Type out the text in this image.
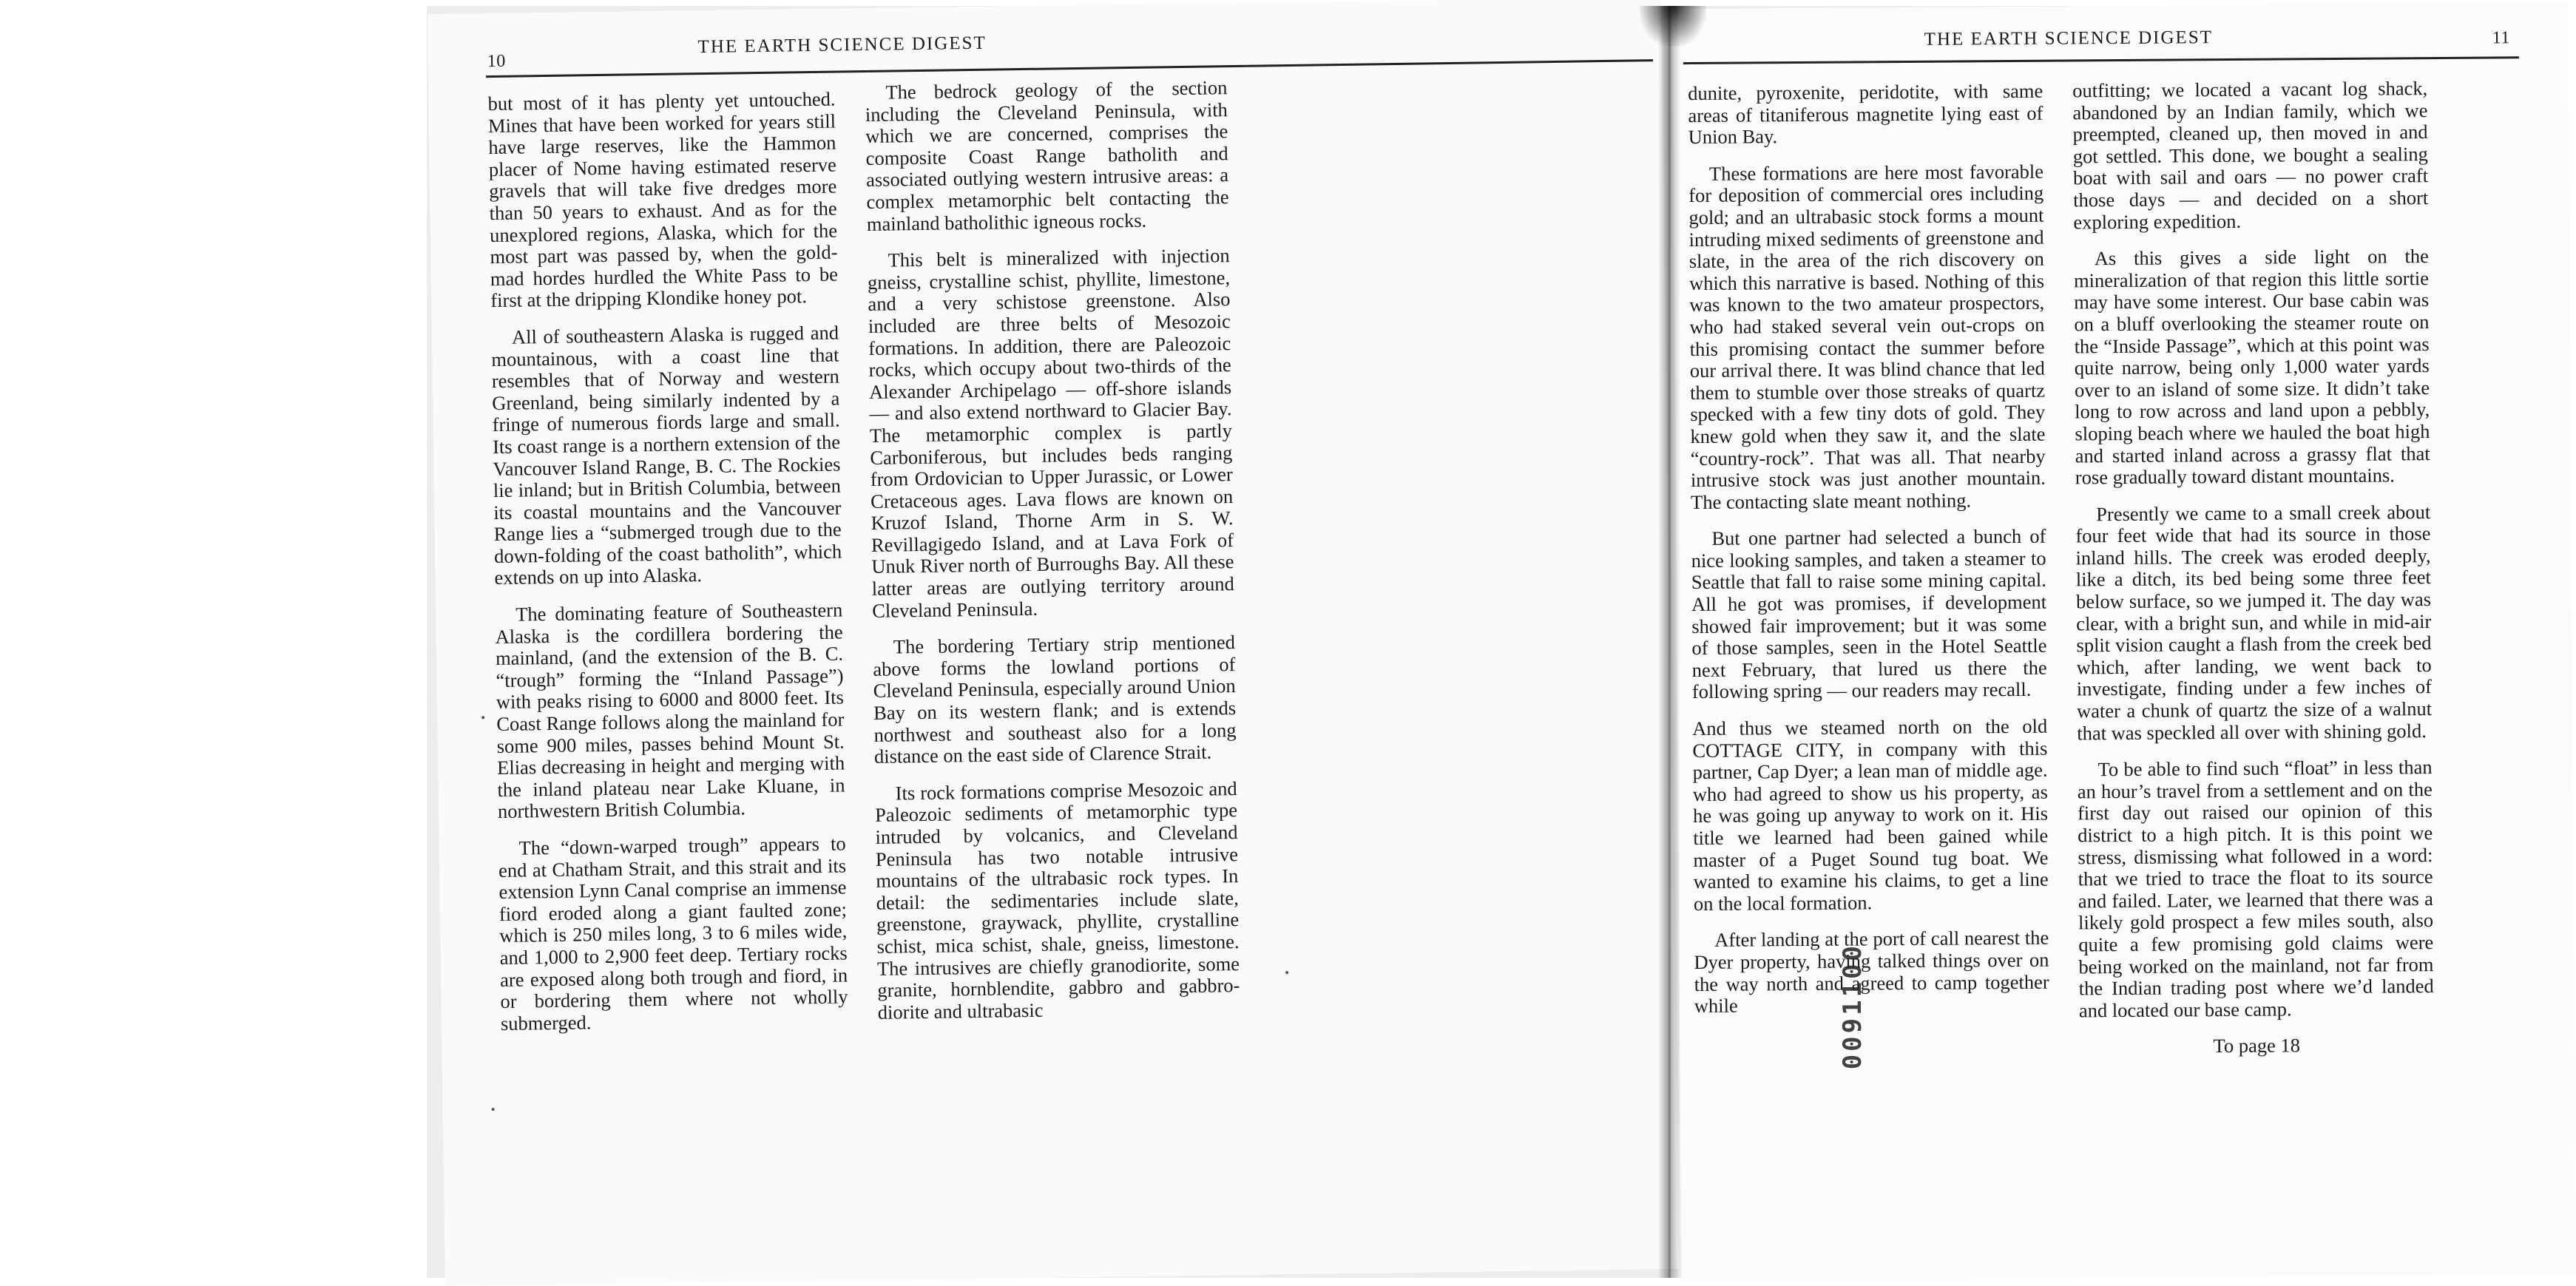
10
THE EARTH SCIENCE DIGEST

but most of it has plenty yet untouched. Mines that have been worked for years still have large reserves, like the Hammon placer of Nome having estimated reserve gravels that will take five dredges more than 50 years to exhaust. And as for the unexplored regions, Alaska, which for the most part was passed by, when the gold-mad hordes hurdled the White Pass to be first at the dripping Klondike honey pot.

All of southeastern Alaska is rugged and mountainous, with a coast line that resembles that of Norway and western Greenland, being similarly indented by a fringe of numerous fiords large and small. Its coast range is a northern extension of the Vancouver Island Range, B. C. The Rockies lie inland; but in British Columbia, between its coastal mountains and the Vancouver Range lies a “submerged trough due to the down-folding of the coast batholith”, which extends on up into Alaska.

The dominating feature of Southeastern Alaska is the cordillera bordering the mainland, (and the extension of the B. C. “trough” forming the “Inland Passage”) with peaks rising to 6000 and 8000 feet. Its Coast Range follows along the mainland for some 900 miles, passes behind Mount St. Elias decreasing in height and merging with the inland plateau near Lake Kluane, in northwestern British Columbia.

The “down-warped trough” appears to end at Chatham Strait, and this strait and its extension Lynn Canal comprise an immense fiord eroded along a giant faulted zone; which is 250 miles long, 3 to 6 miles wide, and 1,000 to 2,900 feet deep. Tertiary rocks are exposed along both trough and fiord, in or bordering them where not wholly submerged.

The bedrock geology of the section including the Cleveland Peninsula, with which we are concerned, comprises the composite Coast Range batholith and associated outlying western intrusive areas: a complex metamorphic belt contacting the mainland batholithic igneous rocks.

This belt is mineralized with injection gneiss, crystalline schist, phyllite, limestone, and a very schistose greenstone. Also included are three belts of Mesozoic formations. In addition, there are Paleozoic rocks, which occupy about two-thirds of the Alexander Archipelago — off-shore islands — and also extend northward to Glacier Bay. The metamorphic complex is partly Carboniferous, but includes beds ranging from Ordovician to Upper Jurassic, or Lower Cretaceous ages. Lava flows are known on Kruzof Island, Thorne Arm in S. W. Revillagigedo Island, and at Lava Fork of Unuk River north of Burroughs Bay. All these latter areas are outlying territory around Cleveland Peninsula.

The bordering Tertiary strip mentioned above forms the lowland portions of Cleveland Peninsula, especially around Union Bay on its western flank; and is extends northwest and southeast also for a long distance on the east side of Clarence Strait.

Its rock formations comprise Mesozoic and Paleozoic sediments of metamorphic type intruded by volcanics, and Cleveland Peninsula has two notable intrusive mountains of the ultrabasic rock types. In detail: the sedimentaries include slate, greenstone, graywack, phyllite, crystalline schist, mica schist, shale, gneiss, limestone. The intrusives are chiefly granodiorite, some granite, hornblendite, gabbro and gabbro-diorite and ultrabasic

THE EARTH SCIENCE DIGEST	11

dunite, pyroxenite, peridotite, with same areas of titaniferous magnetite lying east of Union Bay.

These formations are here most favorable for deposition of commercial ores including gold; and an ultrabasic stock forms a mount intruding mixed sediments of greenstone and slate, in the area of the rich discovery on which this narrative is based. Nothing of this was known to the two amateur prospectors, who had staked several vein out-crops on this promising contact the summer before our arrival there. It was blind chance that led them to stumble over those streaks of quartz specked with a few tiny dots of gold. They knew gold when they saw it, and the slate “country-rock”. That was all. That nearby intrusive stock was just another mountain. The contacting slate meant nothing.

But one partner had selected a bunch of nice looking samples, and taken a steamer to Seattle that fall to raise some mining capital. All he got was promises, if development showed fair improvement; but it was some of those samples, seen in the Hotel Seattle next February, that lured us there the following spring — our readers may recall.

And thus we steamed north on the old COTTAGE CITY, in company with this partner, Cap Dyer; a lean man of middle age. who had agreed to show us his property, as he was going up anyway to work on it. His title we learned had been gained while master of a Puget Sound tug boat. We wanted to examine his claims, to get a line on the local formation.

After landing at the port of call nearest the Dyer property, having talked things over on the way north and agreed to camp together while

outfitting; we located a vacant log shack, abandoned by an Indian family, which we preempted, cleaned up, then moved in and got settled. This done, we bought a sealing boat with sail and oars — no power craft those days — and decided on a short exploring expedition.

As this gives a side light on the mineralization of that region this little sortie may have some interest. Our base cabin was on a bluff overlooking the steamer route on the “Inside Passage”, which at this point was quite narrow, being only 1,000 water yards over to an island of some size. It didn’t take long to row across and land upon a pebbly, sloping beach where we hauled the boat high and started inland across a grassy flat that rose gradually toward distant mountains.

Presently we came to a small creek about four feet wide that had its source in those inland hills. The creek was eroded deeply, like a ditch, its bed being some three feet below surface, so we jumped it. The day was clear, with a bright sun, and while in mid-air split vision caught a flash from the creek bed which, after landing, we went back to investigate, finding under a few inches of water a chunk of quartz the size of a walnut that was speckled all over with shining gold.

To be able to find such “float” in less than an hour’s travel from a settlement and on the first day out raised our opinion of this district to a high pitch. It is this point we stress, dismissing what followed in a word: that we tried to trace the float to its source and failed. Later, we learned that there was a likely gold prospect a few miles south, also quite a few promising gold claims were being worked on the mainland, not far from the Indian trading post where we’d landed and located our base camp.

To page 18

0091100
